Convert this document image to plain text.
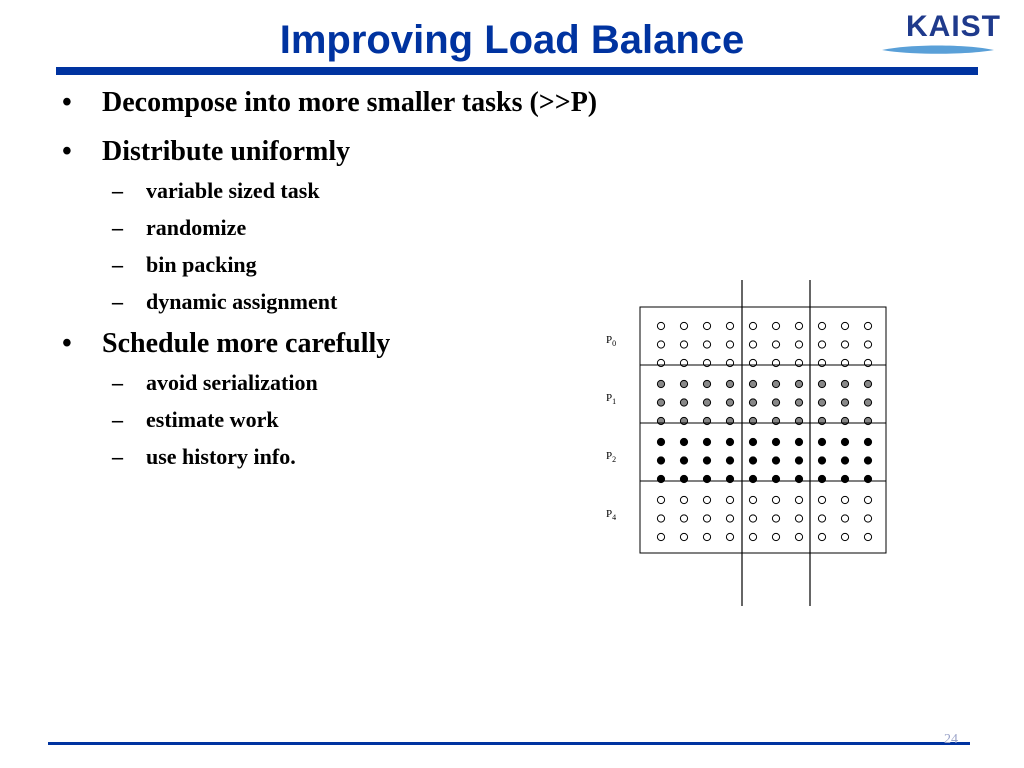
Improving Load Balance	KAIST
• Decompose into more smaller tasks (>>P)
• Distribute uniformly
– variable sized task
– randomize
– bin packing
– dynamic assignment
• Schedule more carefully
– avoid serialization
– estimate work
– use history info.
$P_0$
$P_1$
$P_2$
$P_4$
24
